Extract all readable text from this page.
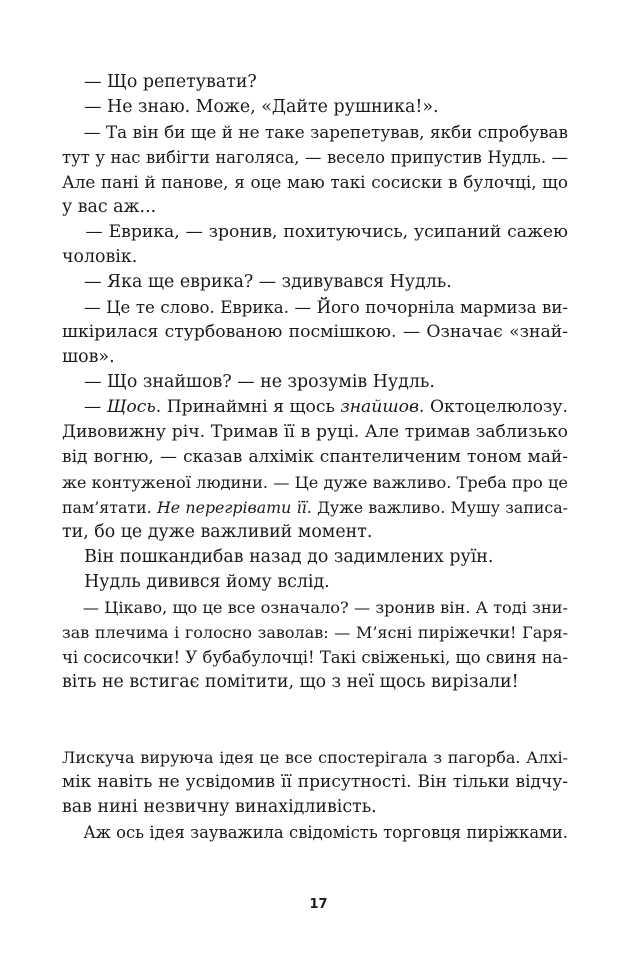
— Що репетувати?
— Не знаю. Може, «Дайте рушника!».
— Та він би ще й не таке зарепетував, якби спробував
тут у нас вибігти наголяса, — весело припустив Нудль. —
Але пані й панове, я оце маю такі сосиски в булочці, що
у вас аж...
— Еврика, — зронив, похитуючись, усипаний сажею
чоловік.
— Яка ще еврика? — здивувався Нудль.
— Це те слово. Еврика. — Його почорніла мармиза ви-
шкірилася стурбованою посмішкою. — Означає «знай-
шов».
— Що знайшов? — не зрозумів Нудль.
— Щось. Принаймні я щось знайшов. Октоцелюлозу.
Дивовижну річ. Тримав її в руці. Але тримав заблизько
від вогню, — сказав алхімік спантеличеним тоном май-
же контуженої людини. — Це дуже важливо. Треба про це
пам’ятати. Не перегрівати її. Дуже важливо. Мушу записа-
ти, бо це дуже важливий момент.
Він пошкандибав назад до задимлених руїн.
Нудль дивився йому вслід.
— Цікаво, що це все означало? — зронив він. А тоді зни-
зав плечима і голосно заволав: — М’ясні пиріжечки! Гаря-
чі сосисочки! У бубабулочці! Такі свіженькі, що свиня на-
віть не встигає помітити, що з неї щось вирізали!
Лискуча вируюча ідея це все спостерігала з пагорба. Алхі-
мік навіть не усвідомив її присутності. Він тільки відчу-
вав нині незвичну винахідливість.
Аж ось ідея зауважила свідомість торговця пиріжками.
17
